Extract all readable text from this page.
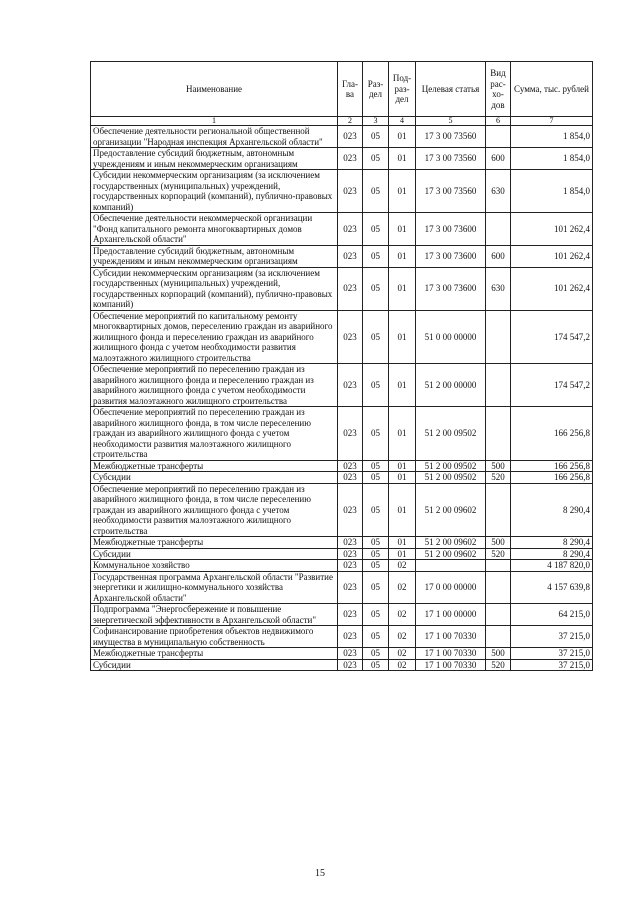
Наименование	Гла-ва	Раз-дел	Под-раз-дел	Целевая статья	Вид рас-хо-дов	Сумма, тыс. рублей
1	2	3	4	5	6	7
Обеспечение деятельности региональной общественной организации "Народная инспекция Архангельской области"	023	05	01	17 3 00 73560		1 854,0
Предоставление субсидий бюджетным, автономным учреждениям и иным некоммерческим организациям	023	05	01	17 3 00 73560	600	1 854,0
Субсидии некоммерческим организациям (за исключением государственных (муниципальных) учреждений, государственных корпораций (компаний), публично-правовых компаний)	023	05	01	17 3 00 73560	630	1 854,0
Обеспечение деятельности некоммерческой организации "Фонд капитального ремонта многоквартирных домов Архангельской области"	023	05	01	17 3 00 73600		101 262,4
Предоставление субсидий бюджетным, автономным учреждениям и иным некоммерческим организациям	023	05	01	17 3 00 73600	600	101 262,4
Субсидии некоммерческим организациям (за исключением государственных (муниципальных) учреждений, государственных корпораций (компаний), публично-правовых компаний)	023	05	01	17 3 00 73600	630	101 262,4
Обеспечение мероприятий по капитальному ремонту многоквартирных домов, переселению граждан из аварийного жилищного фонда и переселению граждан из аварийного жилищного фонда с учетом необходимости развития малоэтажного жилищного строительства	023	05	01	51 0 00 00000		174 547,2
Обеспечение мероприятий по переселению граждан из аварийного жилищного фонда и переселению граждан из аварийного жилищного фонда с учетом необходимости развития малоэтажного жилищного строительства	023	05	01	51 2 00 00000		174 547,2
Обеспечение мероприятий по переселению граждан из аварийного жилищного фонда, в том числе переселению граждан из аварийного жилищного фонда с учетом необходимости развития малоэтажного жилищного строительства	023	05	01	51 2 00 09502		166 256,8
Межбюджетные трансферты	023	05	01	51 2 00 09502	500	166 256,8
Субсидии	023	05	01	51 2 00 09502	520	166 256,8
Обеспечение мероприятий по переселению граждан из аварийного жилищного фонда, в том числе переселению граждан из аварийного жилищного фонда с учетом необходимости развития малоэтажного жилищного строительства	023	05	01	51 2 00 09602		8 290,4
Межбюджетные трансферты	023	05	01	51 2 00 09602	500	8 290,4
Субсидии	023	05	01	51 2 00 09602	520	8 290,4
Коммунальное хозяйство	023	05	02			4 187 820,0
Государственная программа Архангельской области "Развитие энергетики и жилищно-коммунального хозяйства Архангельской области"	023	05	02	17 0 00 00000		4 157 639,8
Подпрограмма "Энергосбережение и повышение энергетической эффективности в Архангельской области"	023	05	02	17 1 00 00000		64 215,0
Софинансирование приобретения объектов недвижимого имущества в муниципальную собственность	023	05	02	17 1 00 70330		37 215,0
Межбюджетные трансферты	023	05	02	17 1 00 70330	500	37 215,0
Субсидии	023	05	02	17 1 00 70330	520	37 215,0
15
